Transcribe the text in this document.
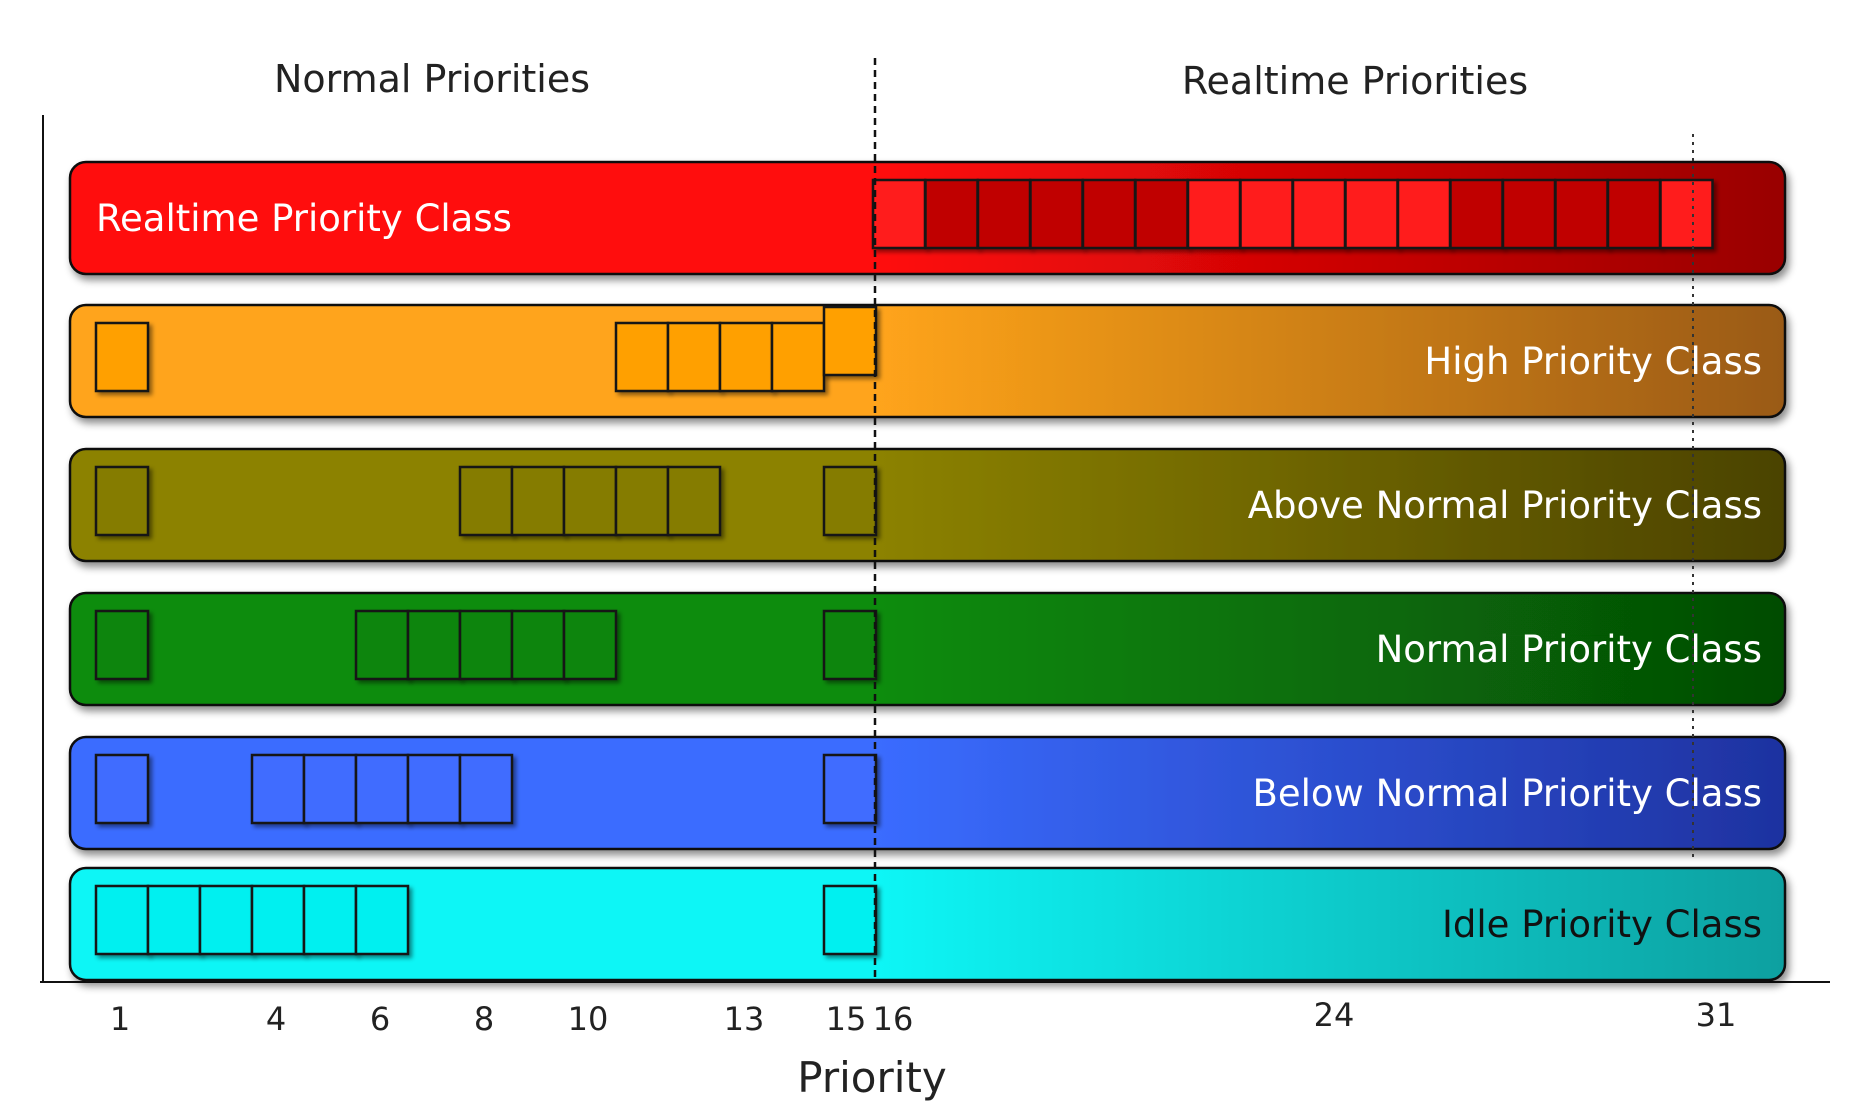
Normal Priorities	Realtime Priorities
Realtime Priority Class
High Priority Class
Above Normal Priority Class
Normal Priority Class
Below Normal Priority Class
Idle Priority Class
1	4	6	8 10	13 15 16	24	31
Priority
